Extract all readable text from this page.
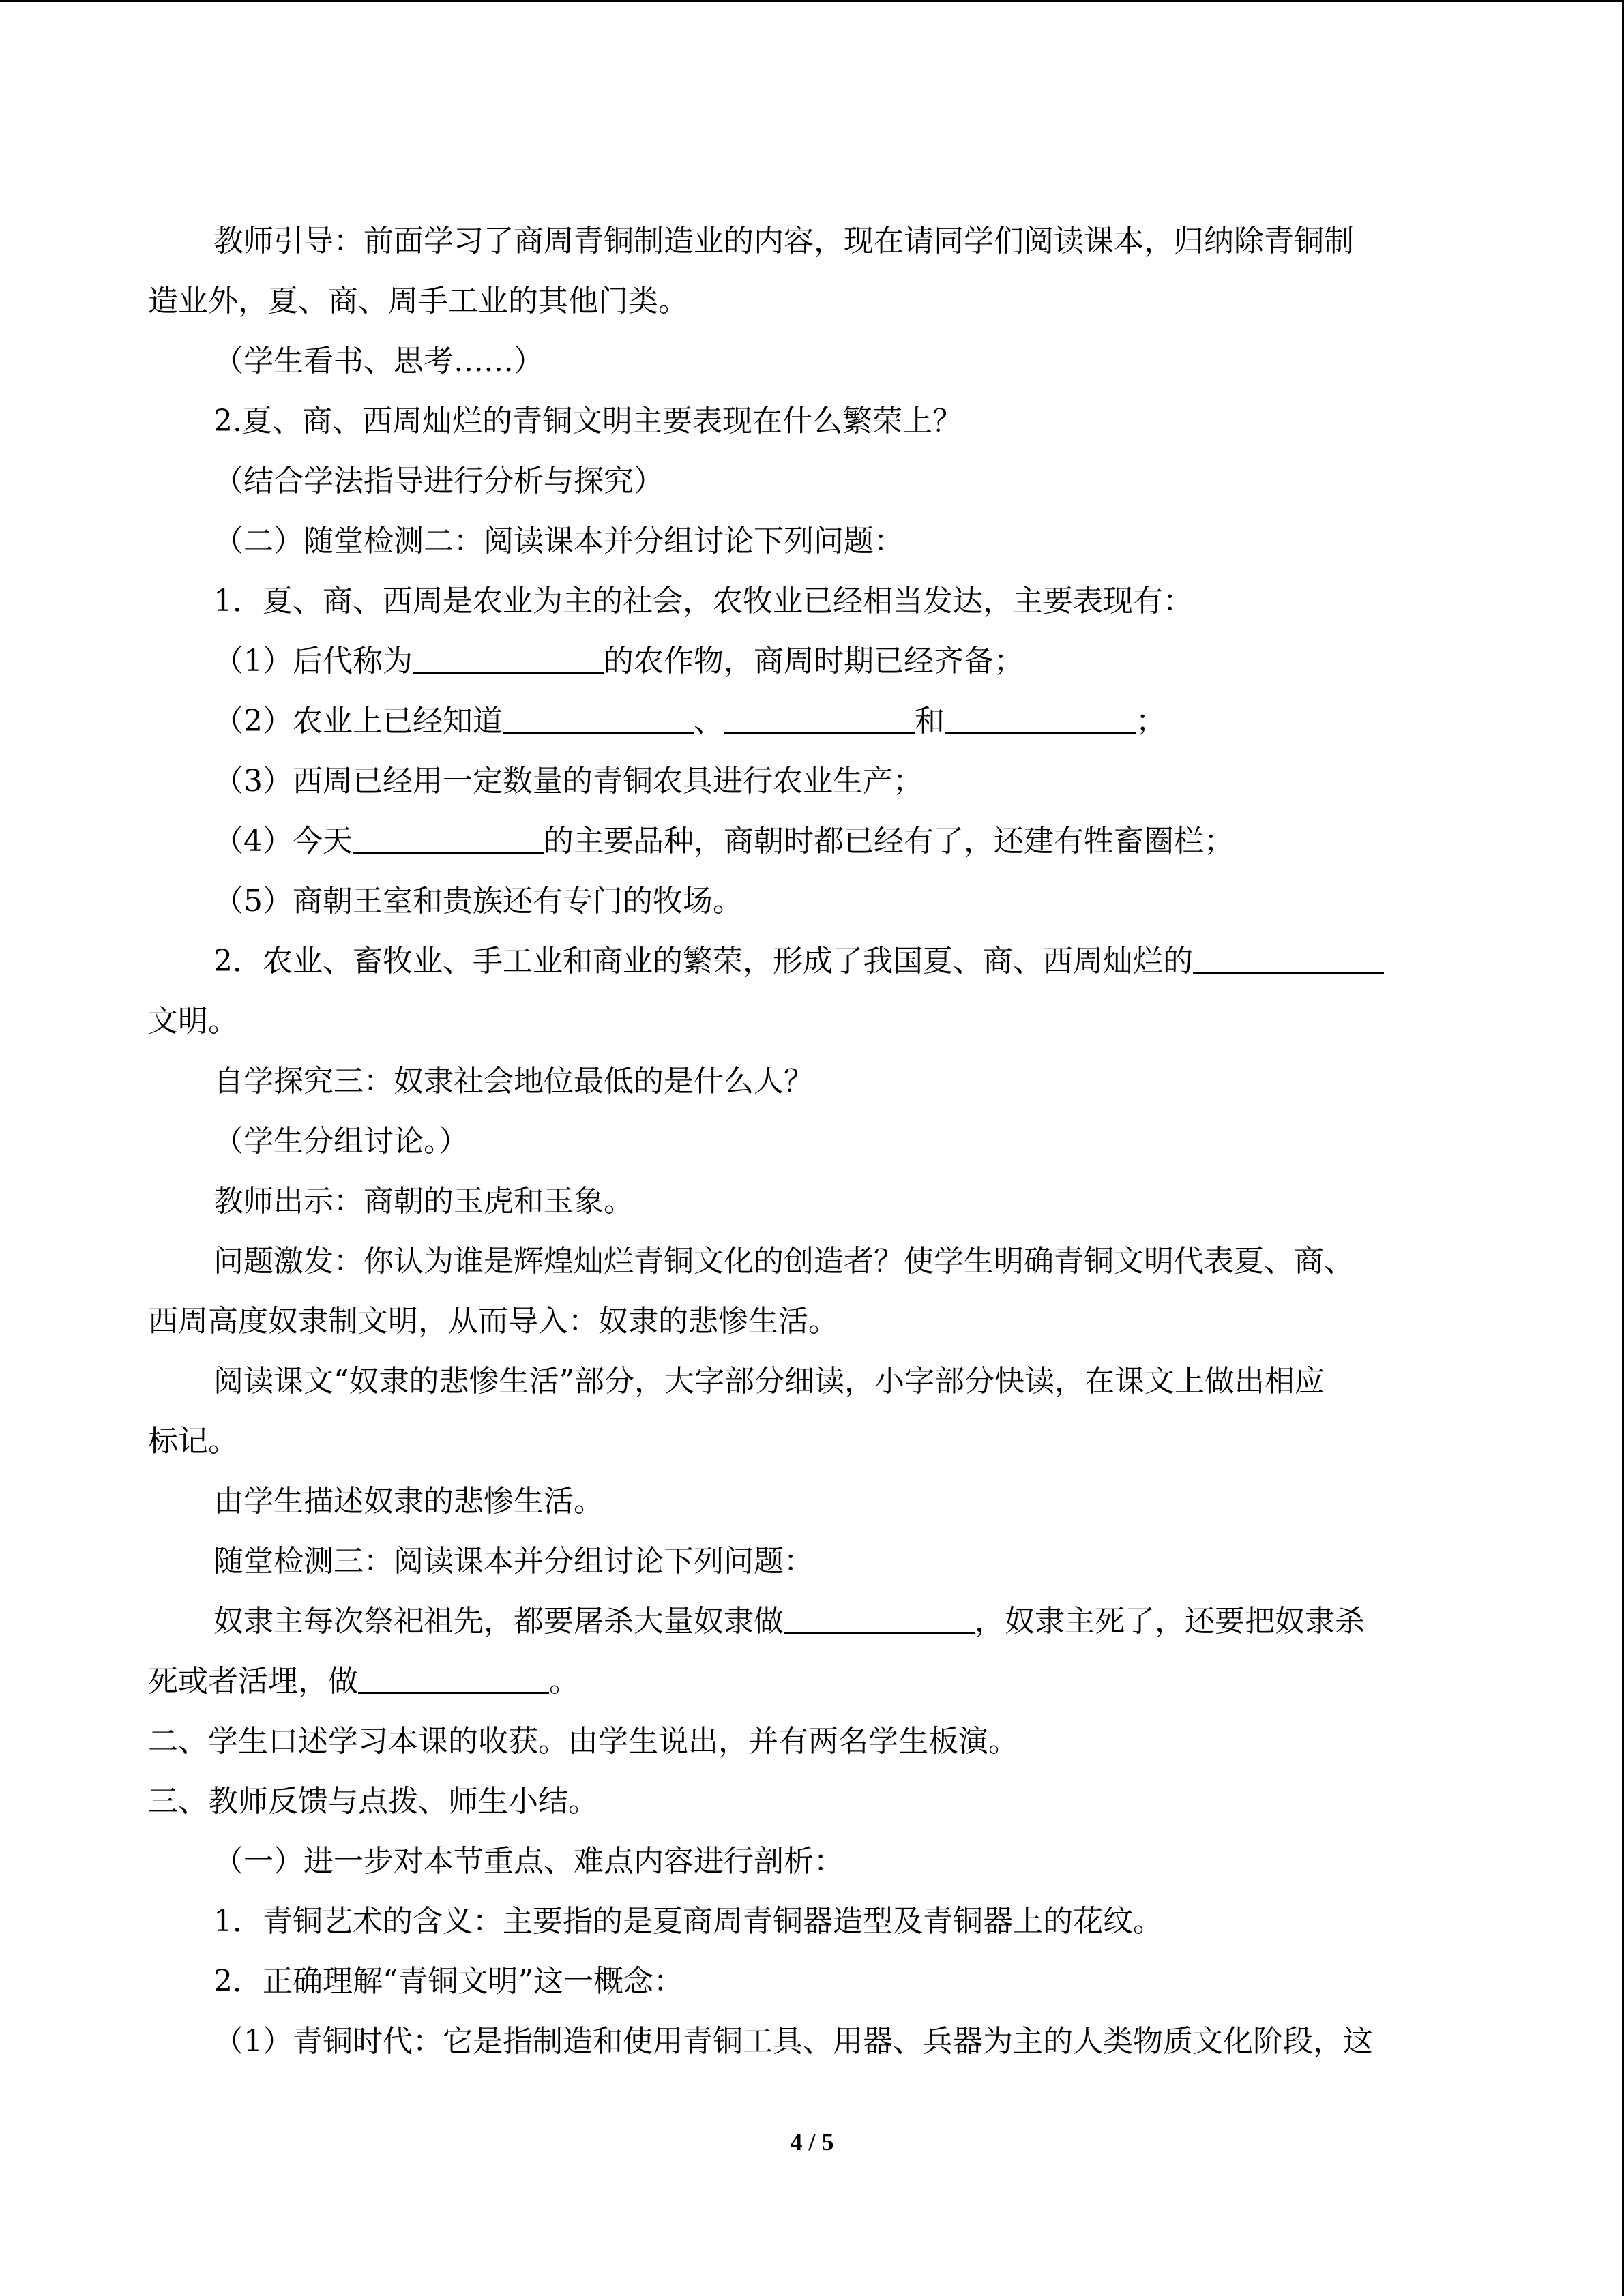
教师引导：前面学习了商周青铜制造业的内容，现在请同学们阅读课本，归纳除青铜制

造业外，夏、商、周手工业的其他门类。

（学生看书、思考……）

2.夏、商、西周灿烂的青铜文明主要表现在什么繁荣上？

（结合学法指导进行分析与探究）

（二）随堂检测二：阅读课本并分组讨论下列问题：

1．夏、商、西周是农业为主的社会，农牧业已经相当发达，主要表现有：

（1）后代称为	的农作物，商周时期已经齐备；

（2）农业上已经知道	、	和	；

（3）西周已经用一定数量的青铜农具进行农业生产；

（4）今天	的主要品种，商朝时都已经有了，还建有牲畜圈栏；

（5）商朝王室和贵族还有专门的牧场。

2．农业、畜牧业、手工业和商业的繁荣，形成了我国夏、商、西周灿烂的

文明。

自学探究三：奴隶社会地位最低的是什么人？

（学生分组讨论。）

教师出示：商朝的玉虎和玉象。

问题激发：你认为谁是辉煌灿烂青铜文化的创造者？使学生明确青铜文明代表夏、商、

西周高度奴隶制文明，从而导入：奴隶的悲惨生活。

阅读课文“奴隶的悲惨生活”部分，大字部分细读，小字部分快读，在课文上做出相应

标记。

由学生描述奴隶的悲惨生活。

随堂检测三：阅读课本并分组讨论下列问题：

奴隶主每次祭祀祖先，都要屠杀大量奴隶做	，奴隶主死了，还要把奴隶杀

死或者活埋，做	。

二、学生口述学习本课的收获。由学生说出，并有两名学生板演。

三、教师反馈与点拨、师生小结。

（一）进一步对本节重点、难点内容进行剖析：

1．青铜艺术的含义：主要指的是夏商周青铜器造型及青铜器上的花纹。

2．正确理解“青铜文明”这一概念：

（1）青铜时代：它是指制造和使用青铜工具、用器、兵器为主的人类物质文化阶段，这

4 / 5
